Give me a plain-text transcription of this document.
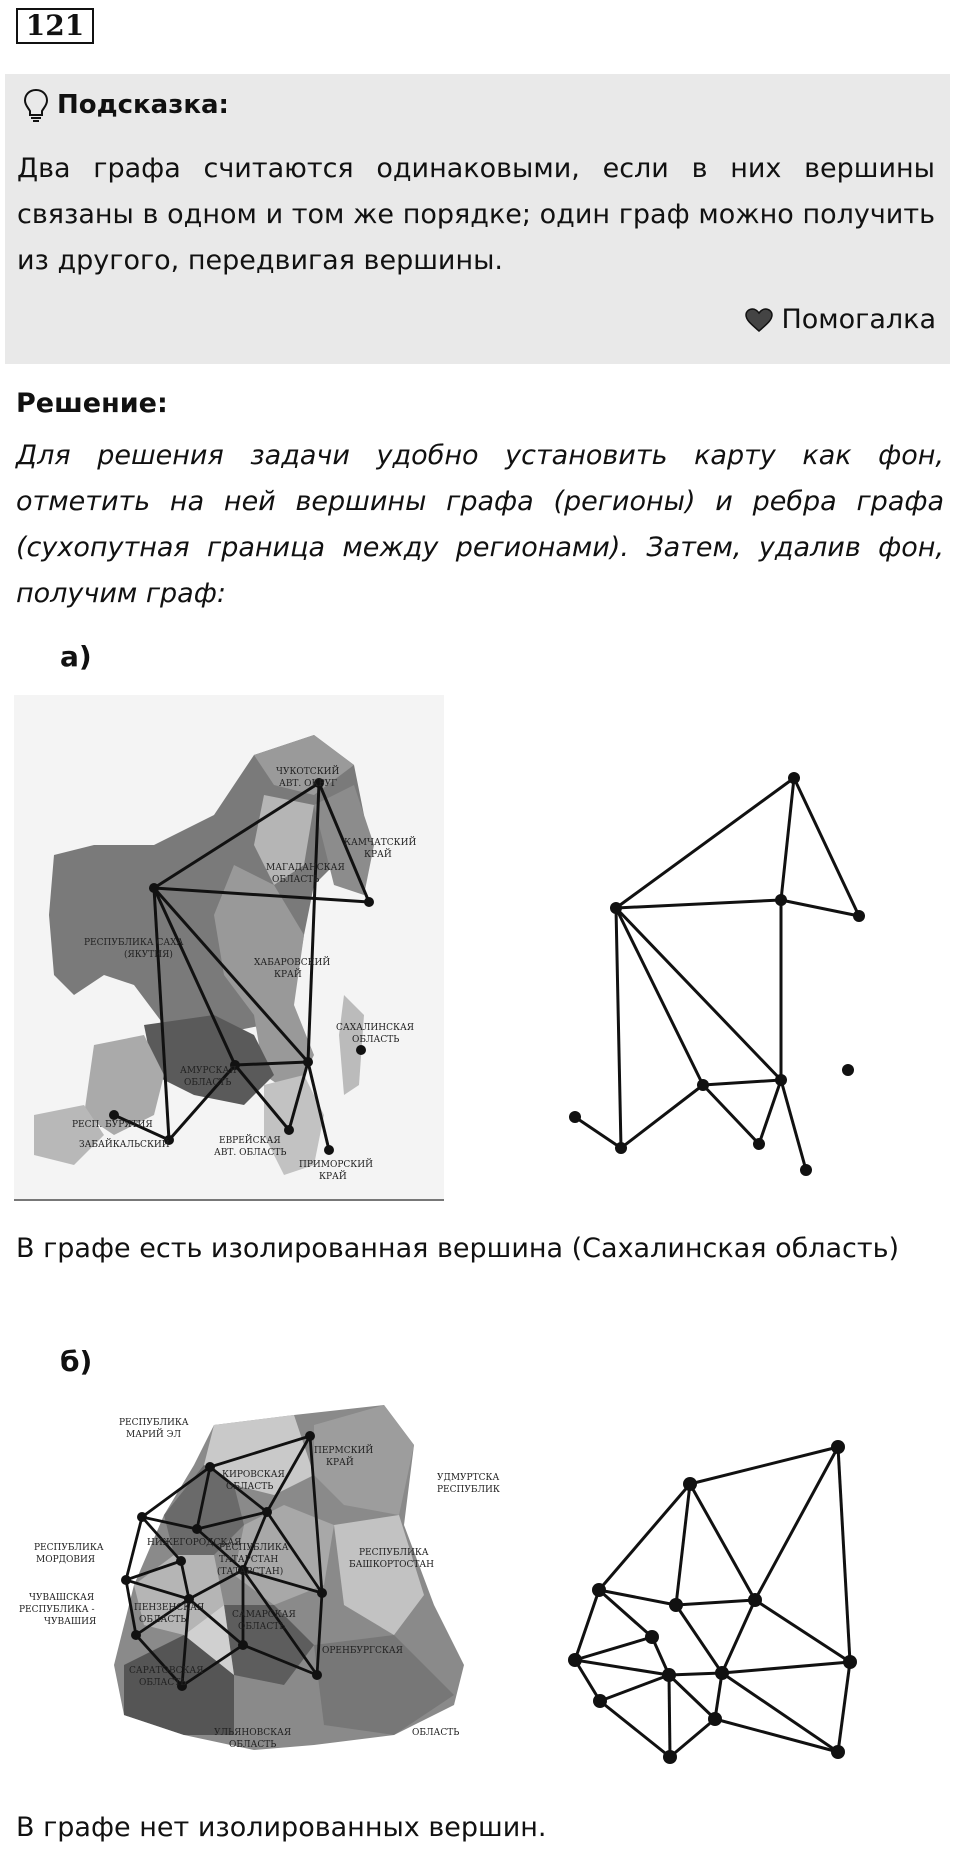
121
Подсказка:
Два графа считаются одинаковыми, если в них вершины связаны в одном и том же порядке; один граф можно получить из другого, передвигая вершины.
Помогалка
Решение:
Для решения задачи удобно установить карту как фон, отметить на ней вершины графа (регионы) и ребра графа (сухопутная граница между регионами). Затем, удалив фон, получим граф:
а)
ЧУКОТСКИЙ
АВТ. ОКРУГ
МАГАДАНСКАЯ
ОБЛАСТЬ
КАМЧАТСКИЙ
КРАЙ
РЕСПУБЛИКА САХА
(ЯКУТИЯ)
ХАБАРОВСКИЙ
КРАЙ
САХАЛИНСКАЯ
ОБЛАСТЬ
АМУРСКАЯ
ОБЛАСТЬ
ЕВРЕЙСКАЯ
АВТ. ОБЛАСТЬ
ПРИМОРСКИЙ
КРАЙ
РЕСП. БУРЯТИЯ
ЗАБАЙКАЛЬСКИЙ
В графе есть изолированная вершина (Сахалинская область)
б)
РЕСПУБЛИКА
МАРИЙ ЭЛ
КИРОВСКАЯ
ОБЛАСТЬ
ПЕРМСКИЙ
КРАЙ
УДМУРТСКА
РЕСПУБЛИК
РЕСПУБЛИКА
МОРДОВИЯ
НИЖЕГОРОДСКАЯ
РЕСПУБЛИКА
ТАТАРСТАН
(ТАТАРСТАН)
РЕСПУБЛИКА
БАШКОРТОСТАН
ЧУВАШСКАЯ
РЕСПУБЛИКА -
ЧУВАШИЯ
ПЕНЗЕНСКАЯ
ОБЛАСТЬ	САМАРСКАЯ
ОБЛАСТЬ
ОРЕНБУРГСКАЯ
ОБЛАСТЬ
САРАТОВСКАЯ
ОБЛАСТЬ
УЛЬЯНОВСКАЯ
ОБЛАСТЬ
В графе нет изолированных вершин.
